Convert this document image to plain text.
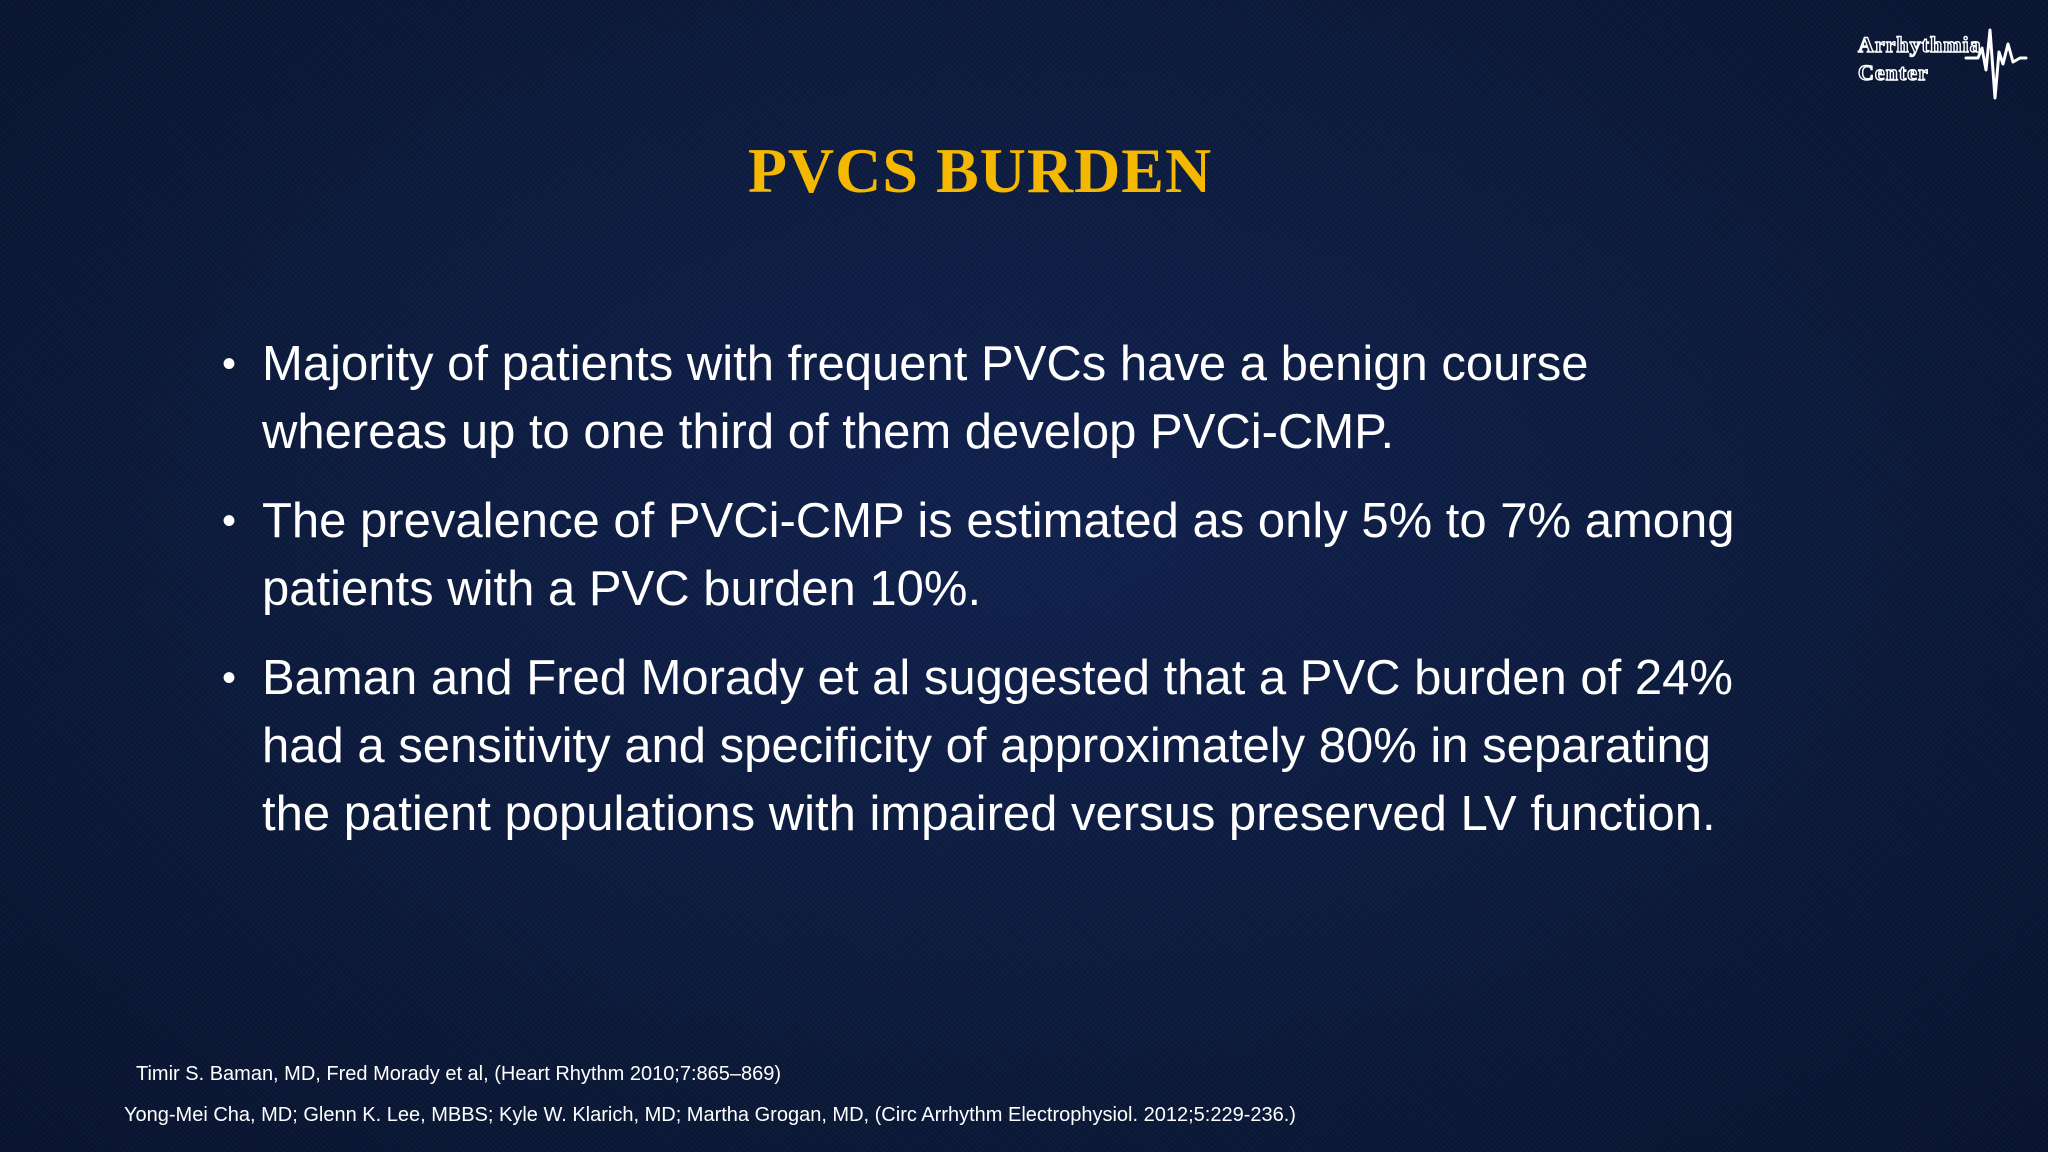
Arrhythmia
Center
PVCS BURDEN
• Majority of patients with frequent PVCs have a benign course whereas up to one third of them develop PVCi-CMP.
• The prevalence of PVCi-CMP is estimated as only 5% to 7% among patients with a PVC burden 10%.
• Baman and Fred Morady et al suggested that a PVC burden of 24% had a sensitivity and specificity of approximately 80% in separating the patient populations with impaired versus preserved LV function.
Timir S. Baman, MD, Fred Morady et al, (Heart Rhythm 2010;7:865–869)
Yong-Mei Cha, MD; Glenn K. Lee, MBBS; Kyle W. Klarich, MD; Martha Grogan, MD, (Circ Arrhythm Electrophysiol. 2012;5:229-236.)
